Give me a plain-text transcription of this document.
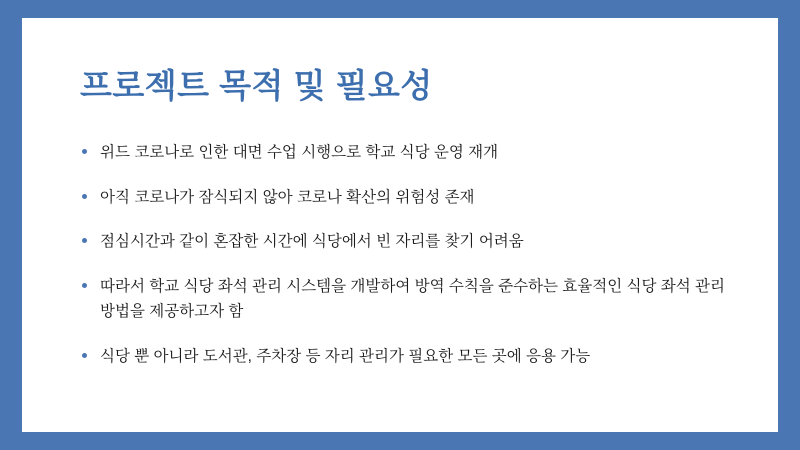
프로젝트 목적 및 필요성
위드 코로나로 인한 대면 수업 시행으로 학교 식당 운영 재개
아직 코로나가 잠식되지 않아 코로나 확산의 위험성 존재
점심시간과 같이 혼잡한 시간에 식당에서 빈 자리를 찾기 어려움
따라서 학교 식당 좌석 관리 시스템을 개발하여 방역 수칙을 준수하는 효율적인 식당 좌석 관리 방법을 제공하고자 함
식당 뿐 아니라 도서관, 주차장 등 자리 관리가 필요한 모든 곳에 응용 가능
